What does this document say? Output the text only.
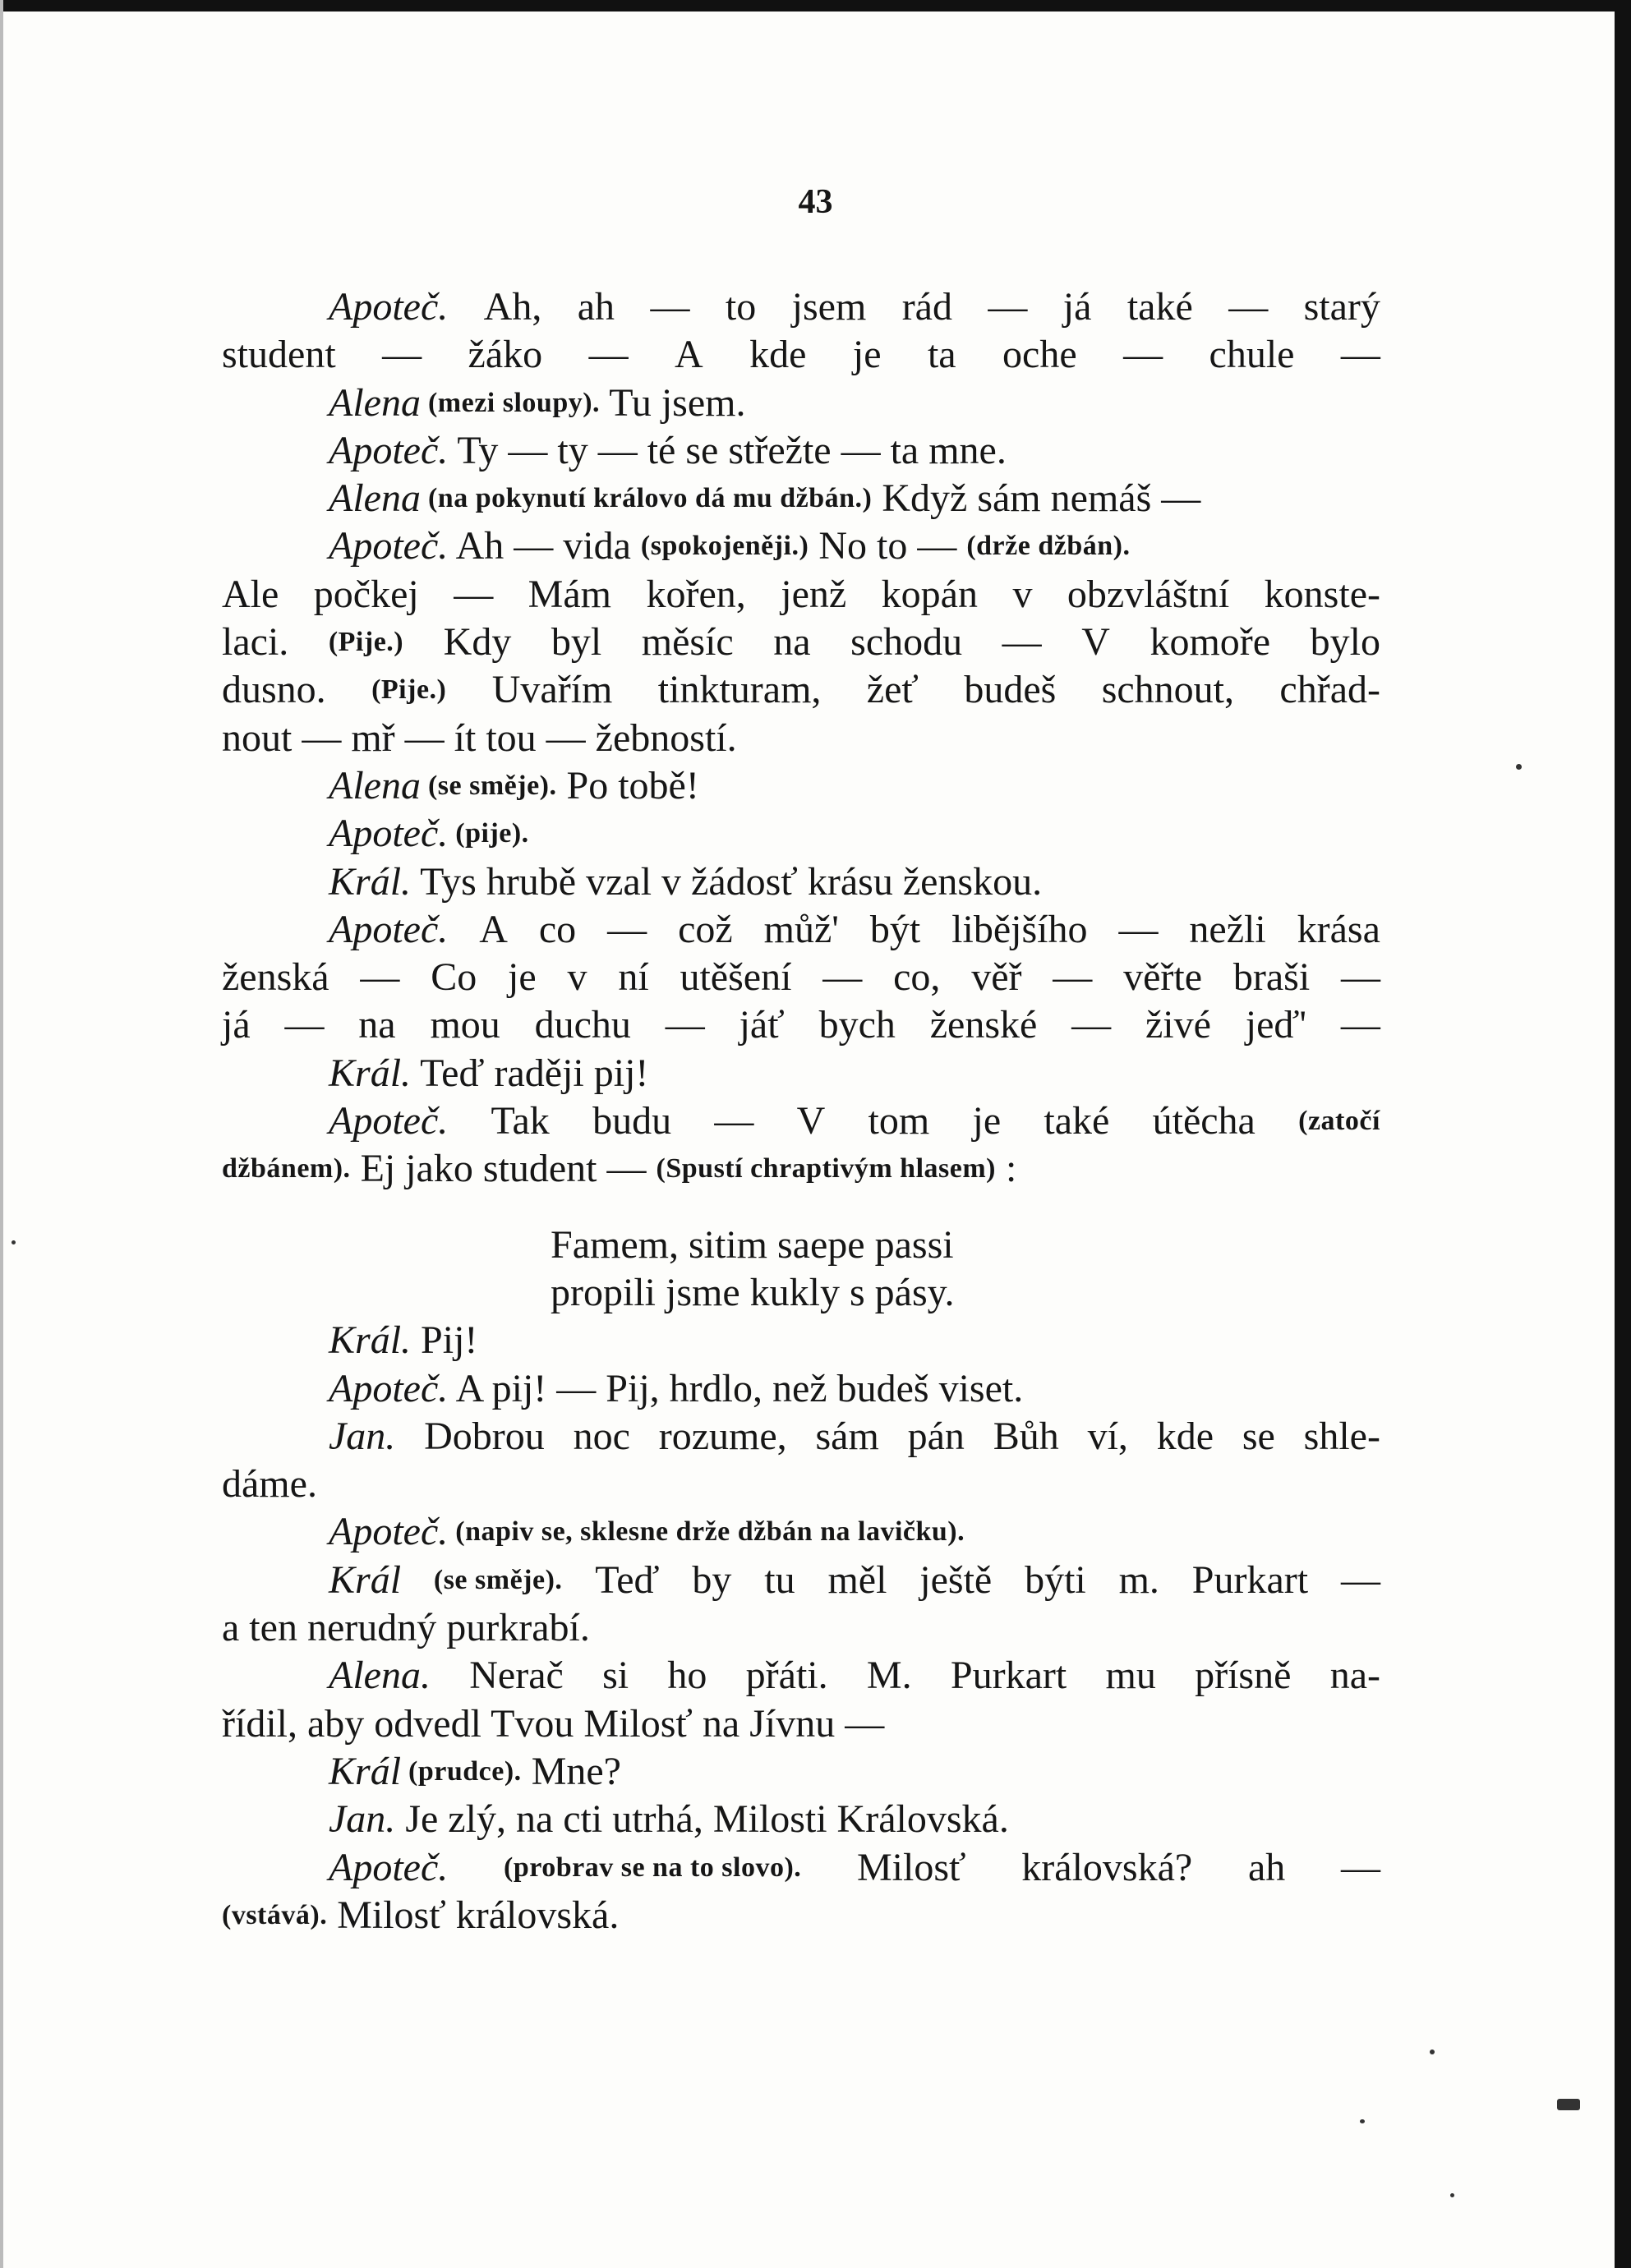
43
Apoteč. Ah, ah — to jsem rád — já také — starý
student — žáko — A kde je ta oche — chule —
Alena (mezi sloupy). Tu jsem.
Apoteč. Ty — ty — té se střežte — ta mne.
Alena (na pokynutí královo dá mu džbán.) Když sám nemáš —
Apoteč. Ah — vida (spokojeněji.) No to — (drže džbán).
Ale počkej — Mám kořen, jenž kopán v obzvláštní konste-
laci. (Pije.) Kdy byl měsíc na schodu — V komoře bylo
dusno. (Pije.) Uvařím tinkturam, žeť budeš schnout, chřad-
nout — mř — ít tou — žebností.
Alena (se směje). Po tobě!
Apoteč. (pije).
Král. Tys hrubě vzal v žádosť krásu ženskou.
Apoteč. A co — což můž' být libějšího — nežli krása
ženská — Co je v ní utěšení — co, věř — věřte braši —
já — na mou duchu — jáť bych ženské — živé jeď' —
Král. Teď raději pij!
Apoteč. Tak budu — V tom je také útěcha (zatočí
džbánem). Ej jako student — (Spustí chraptivým hlasem) :
Famem, sitim saepe passi
propili jsme kukly s pásy.
Král. Pij!
Apoteč. A pij! — Pij, hrdlo, než budeš viset.
Jan. Dobrou noc rozume, sám pán Bůh ví, kde se shle-
dáme.
Apoteč. (napiv se, sklesne drže džbán na lavičku).
Král (se směje). Teď by tu měl ještě býti m. Purkart —
a ten nerudný purkrabí.
Alena. Nerač si ho přáti. M. Purkart mu přísně na-
řídil, aby odvedl Tvou Milosť na Jívnu —
Král (prudce). Mne?
Jan. Je zlý, na cti utrhá, Milosti Královská.
Apoteč. (probrav se na to slovo). Milosť královská? ah —
(vstává). Milosť královská.
